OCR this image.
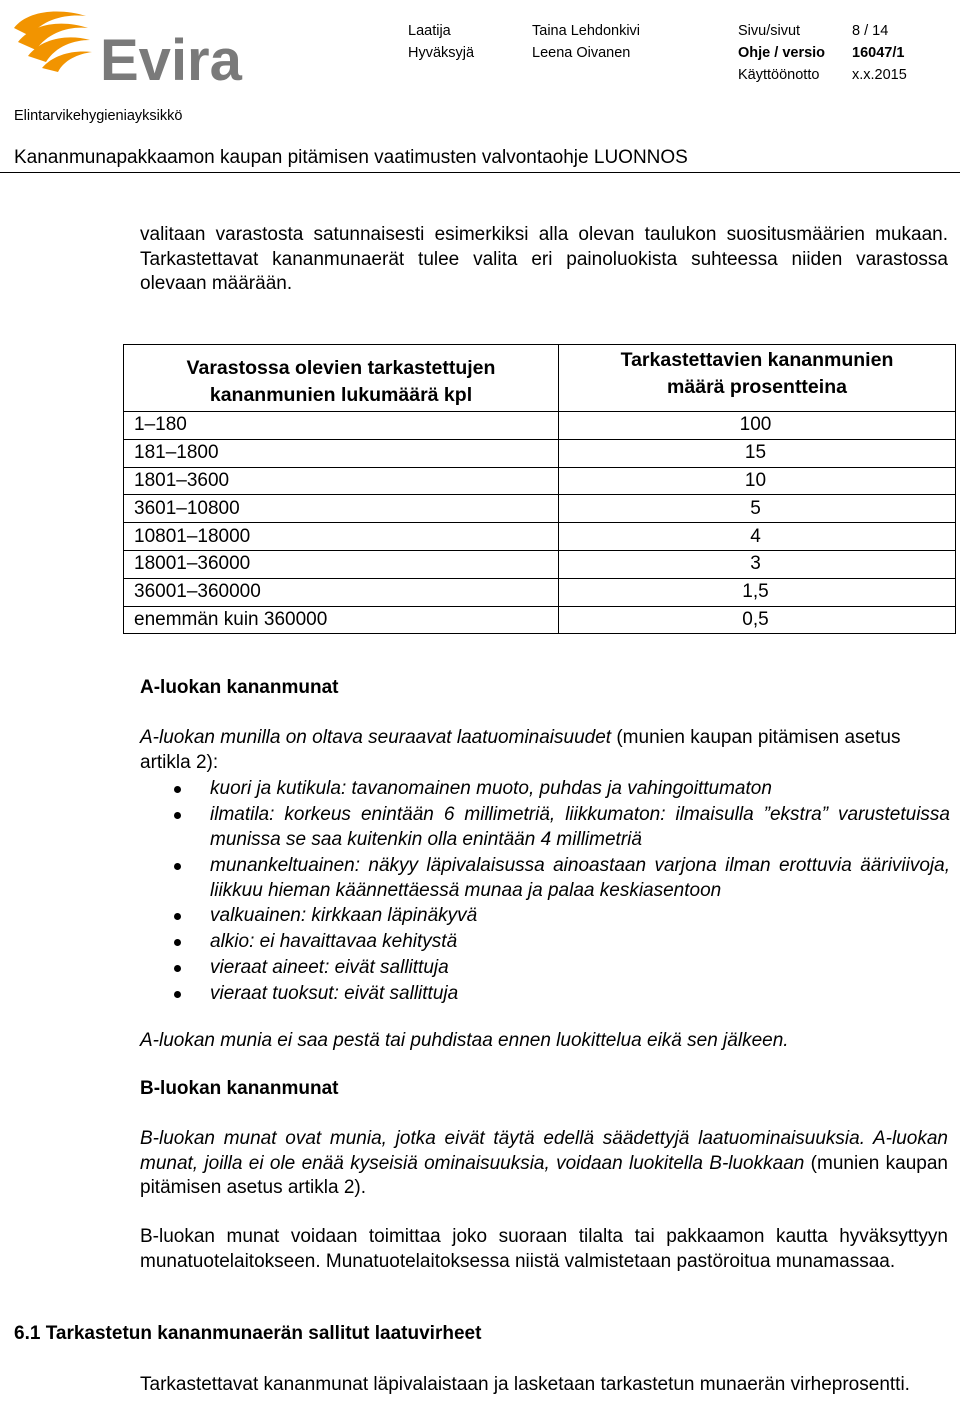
Evira	Laatija	Taina Lehdonkivi	Sivu/sivut	8 / 14
Hyväksyjä	Leena Oivanen	Ohje / versio 16047/1
Käyttöönotto x.x.2015
Elintarvikehygieniayksikkö
Kananmunapakkaamon kaupan pitämisen vaatimusten valvontaohje LUONNOS
valitaan varastosta satunnaisesti esimerkiksi alla olevan taulukon suositusmäärien mukaan. Tarkastettavat kananmunaerät tulee valita eri painoluokista suhteessa niiden varastossa olevaan määrään.
Varastossa olevien tarkastettujen
kananmunien lukumäärä kpl	Tarkastettavien kananmunien
määrä prosentteina
1–180	100
181–1800	15
1801–3600	10
3601–10800	5
10801–18000	4
18001–36000	3
36001–360000	1,5
enemmän kuin 360000	0,5
A-luokan kananmunat
A-luokan munilla on oltava seuraavat laatuominaisuudet (munien kaupan pitämisen asetus artikla 2):
kuori ja kutikula: tavanomainen muoto, puhdas ja vahingoittumaton
ilmatila: korkeus enintään 6 millimetriä, liikkumaton: ilmaisulla ”ekstra” varustetuissa munissa se saa kuitenkin olla enintään 4 millimetriä
munankeltuainen: näkyy läpivalaisussa ainoastaan varjona ilman erottuvia ääriviivoja, liikkuu hieman käännettäessä munaa ja palaa keskiasentoon
valkuainen: kirkkaan läpinäkyvä
alkio: ei havaittavaa kehitystä
vieraat aineet: eivät sallittuja
vieraat tuoksut: eivät sallittuja
A-luokan munia ei saa pestä tai puhdistaa ennen luokittelua eikä sen jälkeen.
B-luokan kananmunat
B-luokan munat ovat munia, jotka eivät täytä edellä säädettyjä laatuominaisuuksia. A-luokan munat, joilla ei ole enää kyseisiä ominaisuuksia, voidaan luokitella B-luokkaan (munien kaupan pitämisen asetus artikla 2).
B-luokan munat voidaan toimittaa joko suoraan tilalta tai pakkaamon kautta hyväksyttyyn munatuotelaitokseen. Munatuotelaitoksessa niistä valmistetaan pastöroitua munamassaa.
6.1 Tarkastetun kananmunaerän sallitut laatuvirheet
Tarkastettavat kananmunat läpivalaistaan ja lasketaan tarkastetun munaerän virheprosentti.
